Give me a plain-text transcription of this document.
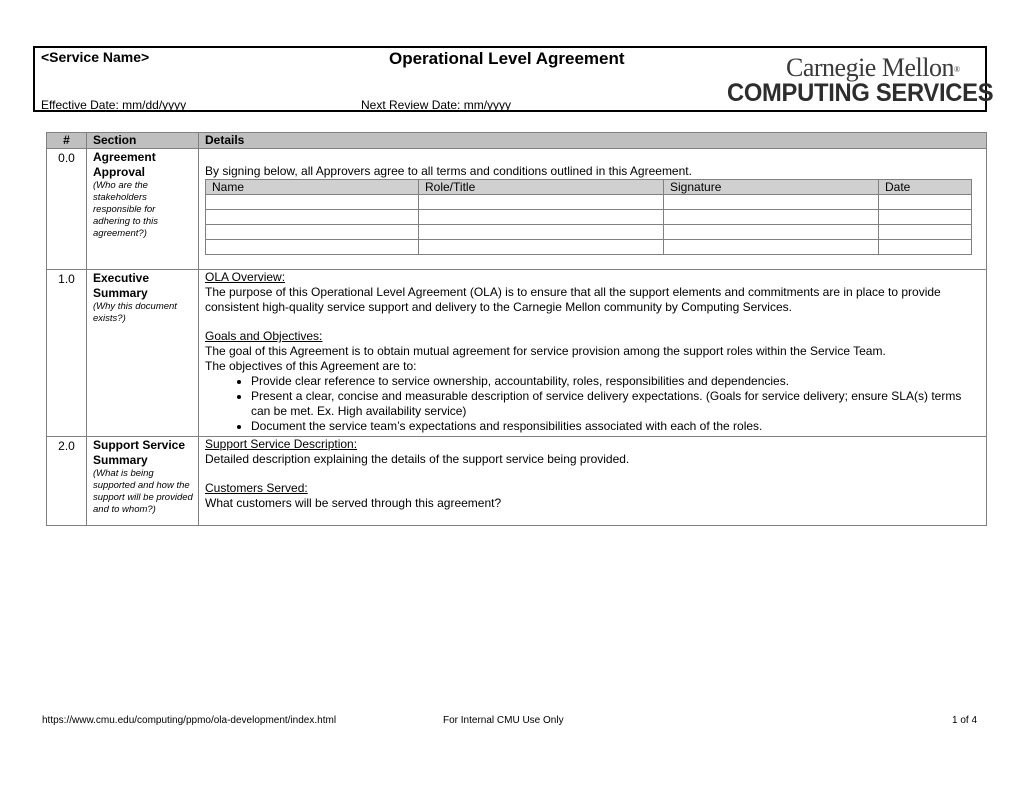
<Service Name>	Operational Level Agreement
Effective Date: mm/dd/yyyy	Next Review Date: mm/yyyy
Carnegie Mellon®
COMPUTING SERVICES
#	Section	Details
0.0	Agreement Approval
(Who are the stakeholders responsible for adhering to this agreement?)

By signing below, all Approvers agree to all terms and conditions outlined in this Agreement.
Name	Role/Title	Signature	Date

1.0	Executive Summary
(Why this document exists?)

OLA Overview:
The purpose of this Operational Level Agreement (OLA) is to ensure that all the support elements and commitments are in place to provide consistent high-quality service support and delivery to the Carnegie Mellon community by Computing Services.
Goals and Objectives:
The goal of this Agreement is to obtain mutual agreement for service provision among the support roles within the Service Team.
The objectives of this Agreement are to:
• Provide clear reference to service ownership, accountability, roles, responsibilities and dependencies.
• Present a clear, concise and measurable description of service delivery expectations. (Goals for service delivery; ensure SLA(s) terms can be met. Ex. High availability service)
• Document the service team’s expectations and responsibilities associated with each of the roles.

2.0	Support Service Summary
(What is being supported and how the support will be provided and to whom?)

Support Service Description:
Detailed description explaining the details of the support service being provided.
Customers Served:
What customers will be served through this agreement?
https://www.cmu.edu/computing/ppmo/ola-development/index.html	For Internal CMU Use Only	1 of 4
